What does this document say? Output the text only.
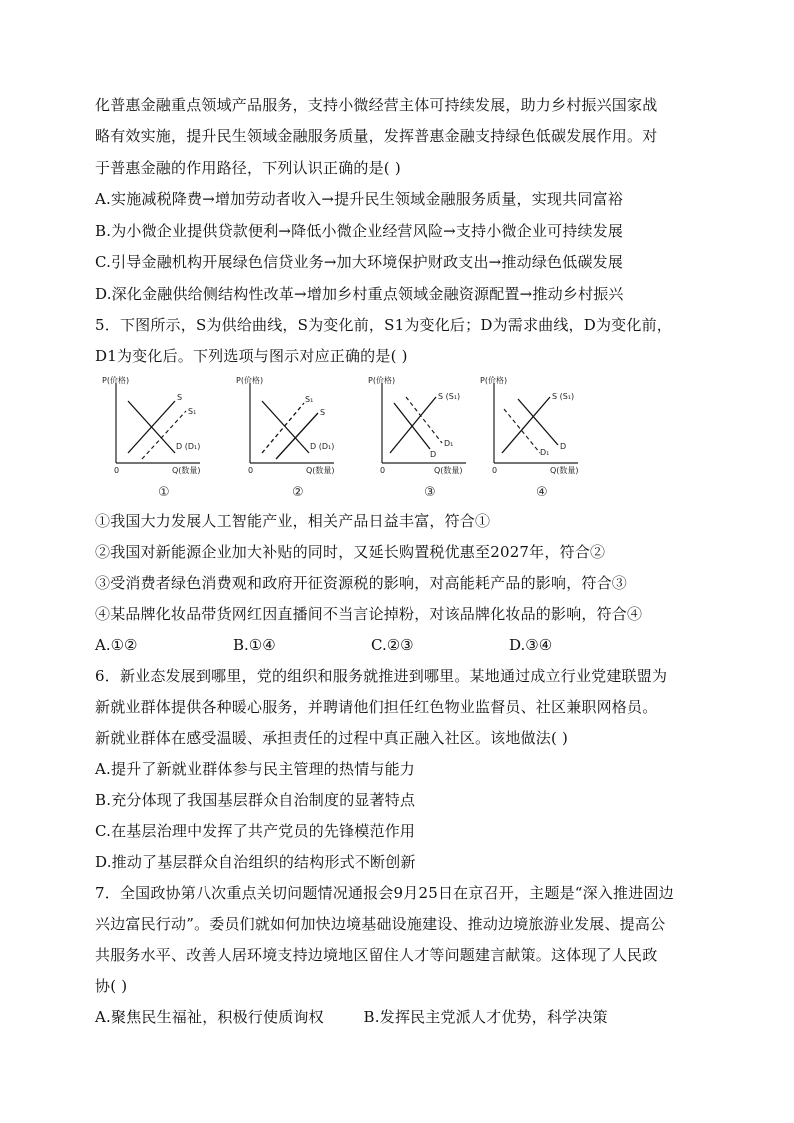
化普惠金融重点领域产品服务，支持小微经营主体可持续发展，助力乡村振兴国家战
略有效实施，提升民生领域金融服务质量，发挥普惠金融支持绿色低碳发展作用。对
于普惠金融的作用路径，下列认识正确的是( )
A.实施减税降费→增加劳动者收入→提升民生领域金融服务质量，实现共同富裕
B.为小微企业提供贷款便利→降低小微企业经营风险→支持小微企业可持续发展
C.引导金融机构开展绿色信贷业务→加大环境保护财政支出→推动绿色低碳发展
D.深化金融供给侧结构性改革→增加乡村重点领域金融资源配置→推动乡村振兴
5．下图所示，S为供给曲线，S为变化前，S1为变化后；D为需求曲线，D为变化前，
D1为变化后。下列选项与图示对应正确的是( )
P(价格)
Q(数量)
0
S
S₁
D (D₁)
①
P(价格)
Q(数量)
0
S₁
S
D (D₁)
②
P(价格)
Q(数量)
0
S (S₁)
D
D₁
③
P(价格)
Q(数量)
0
S (S₁)
D
D₁
④
①我国大力发展人工智能产业，相关产品日益丰富，符合①
②我国对新能源企业加大补贴的同时，又延长购置税优惠至2027年，符合②
③受消费者绿色消费观和政府开征资源税的影响，对高能耗产品的影响，符合③
④某品牌化妆品带货网红因直播间不当言论掉粉，对该品牌化妆品的影响，符合④
A.①②	B.①④	C.②③	D.③④
6．新业态发展到哪里，党的组织和服务就推进到哪里。某地通过成立行业党建联盟为
新就业群体提供各种暖心服务，并聘请他们担任红色物业监督员、社区兼职网格员。
新就业群体在感受温暖、承担责任的过程中真正融入社区。该地做法( )
A.提升了新就业群体参与民主管理的热情与能力
B.充分体现了我国基层群众自治制度的显著特点
C.在基层治理中发挥了共产党员的先锋模范作用
D.推动了基层群众自治组织的结构形式不断创新
7．全国政协第八次重点关切问题情况通报会9月25日在京召开，主题是“深入推进固边
兴边富民行动”。委员们就如何加快边境基础设施建设、推动边境旅游业发展、提高公
共服务水平、改善人居环境支持边境地区留住人才等问题建言献策。这体现了人民政
协( )
A.聚焦民生福祉，积极行使质询权        B.发挥民主党派人才优势，科学决策
